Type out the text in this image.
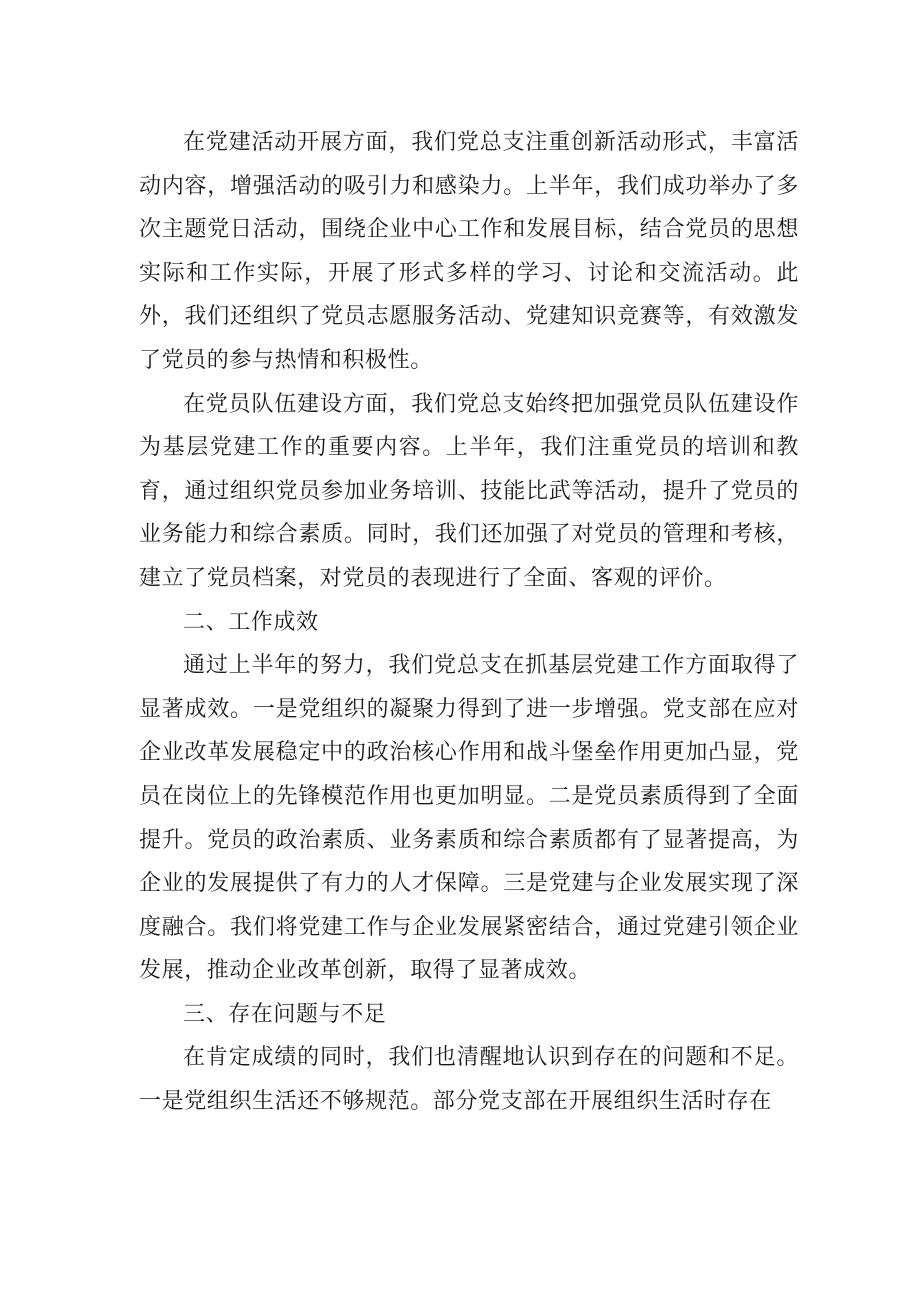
在党建活动开展方面，我们党总支注重创新活动形式，丰富活动内容，增强活动的吸引力和感染力。上半年，我们成功举办了多次主题党日活动，围绕企业中心工作和发展目标，结合党员的思想实际和工作实际，开展了形式多样的学习、讨论和交流活动。此外，我们还组织了党员志愿服务活动、党建知识竞赛等，有效激发了党员的参与热情和积极性。

在党员队伍建设方面，我们党总支始终把加强党员队伍建设作为基层党建工作的重要内容。上半年，我们注重党员的培训和教育，通过组织党员参加业务培训、技能比武等活动，提升了党员的业务能力和综合素质。同时，我们还加强了对党员的管理和考核，建立了党员档案，对党员的表现进行了全面、客观的评价。

二、工作成效

通过上半年的努力，我们党总支在抓基层党建工作方面取得了显著成效。一是党组织的凝聚力得到了进一步增强。党支部在应对企业改革发展稳定中的政治核心作用和战斗堡垒作用更加凸显，党员在岗位上的先锋模范作用也更加明显。二是党员素质得到了全面提升。党员的政治素质、业务素质和综合素质都有了显著提高，为企业的发展提供了有力的人才保障。三是党建与企业发展实现了深度融合。我们将党建工作与企业发展紧密结合，通过党建引领企业发展，推动企业改革创新，取得了显著成效。

三、存在问题与不足

在肯定成绩的同时，我们也清醒地认识到存在的问题和不足。一是党组织生活还不够规范。部分党支部在开展组织生活时存在
